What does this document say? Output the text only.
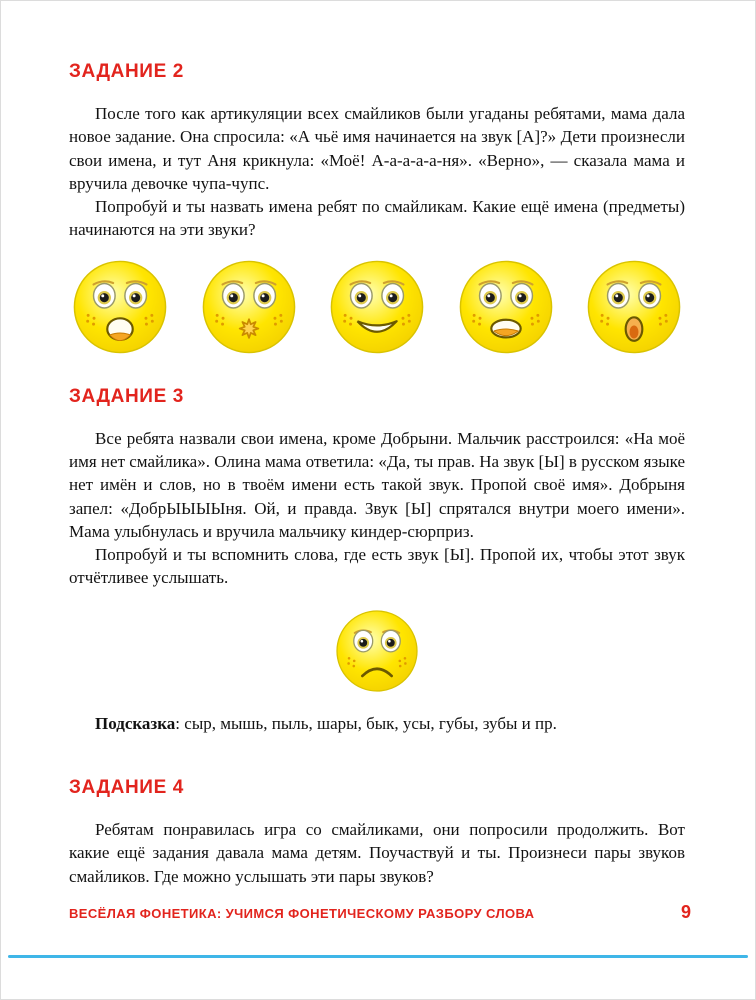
ЗАДАНИЕ 2

После того как артикуляции всех смайликов были угаданы ребятами, мама дала новое задание. Она спросила: «А чьё имя начинается на звук [А]?» Дети произнесли свои имена, и тут Аня крикнула: «Моё! А-а-а-а-а-ня». «Верно», — сказала мама и вручила девочке чупа-чупс.

Попробуй и ты назвать имена ребят по смайликам. Какие ещё имена (предметы) начинаются на эти звуки?

ЗАДАНИЕ 3

Все ребята назвали свои имена, кроме Добрыни. Мальчик расстроился: «На моё имя нет смайлика». Олина мама ответила: «Да, ты прав. На звук [Ы] в русском языке нет имён и слов, но в твоём имени есть такой звук. Пропой своё имя». Добрыня запел: «ДобрЫЫЫЫня. Ой, и правда. Звук [Ы] спрятался внутри моего имени». Мама улыбнулась и вручила мальчику киндер-сюрприз.

Попробуй и ты вспомнить слова, где есть звук [Ы]. Пропой их, чтобы этот звук отчётливее услышать.

Подсказка: сыр, мышь, пыль, шары, бык, усы, губы, зубы и пр.

ЗАДАНИЕ 4

Ребятам понравилась игра со смайликами, они попросили продолжить. Вот какие ещё задания давала мама детям. Поучаствуй и ты. Произнеси пары звуков смайликов. Где можно услышать эти пары звуков?

ВЕСЁЛАЯ ФОНЕТИКА: УЧИМСЯ ФОНЕТИЧЕСКОМУ РАЗБОРУ СЛОВА	9
